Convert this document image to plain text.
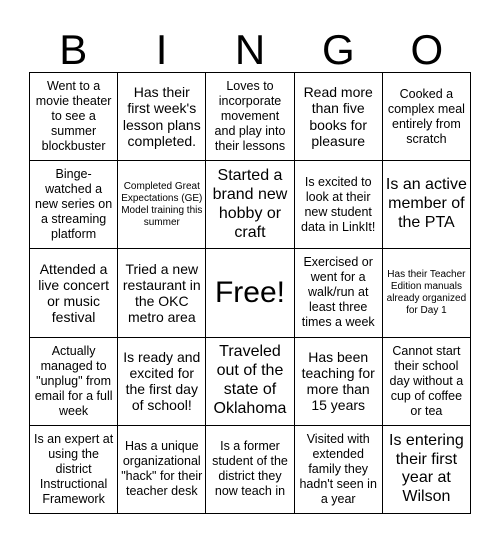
B	I	N	G	O
Went to a movie theater to see a summer blockbuster
Has their first week's lesson plans completed.
Loves to incorporate movement and play into their lessons
Read more than five books for pleasure
Cooked a complex meal entirely from scratch
Binge-watched a new series on a streaming platform
Completed Great Expectations (GE) Model training this summer
Started a brand new hobby or craft
Is excited to look at their new student data in LinkIt!
Is an active member of the PTA
Attended a live concert or music festival
Tried a new restaurant in the OKC metro area
Free!
Exercised or went for a walk/run at least three times a week
Has their Teacher Edition manuals already organized for Day 1
Actually managed to "unplug" from email for a full week
Is ready and excited for the first day of school!
Traveled out of the state of Oklahoma
Has been teaching for more than 15 years
Cannot start their school day without a cup of coffee or tea
Is an expert at using the district Instructional Framework
Has a unique organizational "hack" for their teacher desk
Is a former student of the district they now teach in
Visited with extended family they hadn't seen in a year
Is entering their first year at Wilson
